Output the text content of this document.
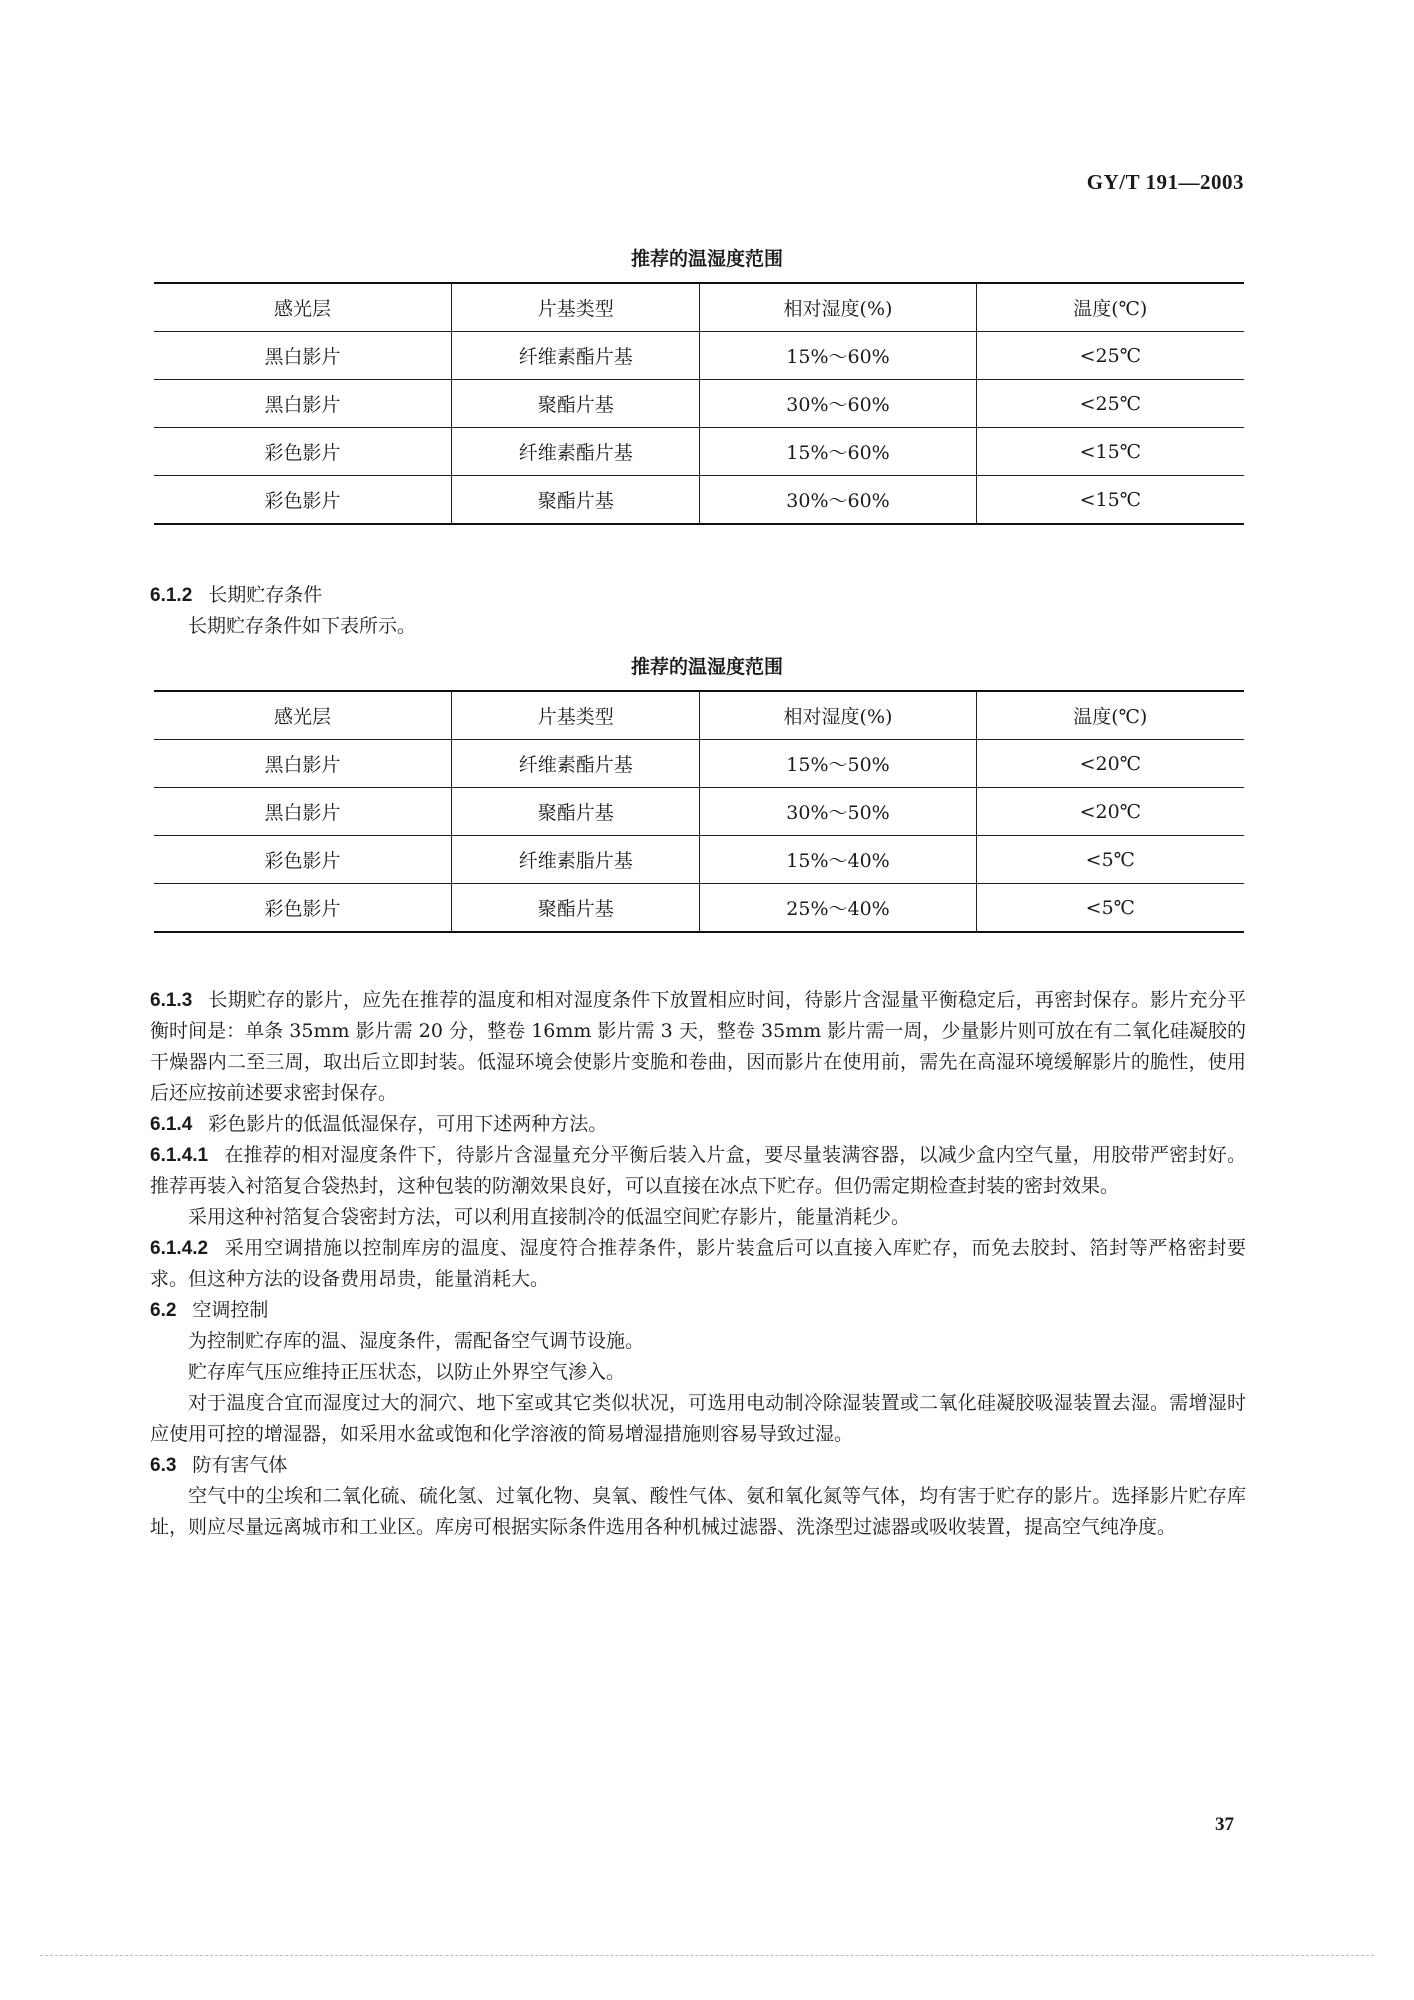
GY/T 191—2003
推荐的温湿度范围
感光层	片基类型	相对湿度(%)	温度(℃)
黑白影片	纤维素酯片基	15%～60%	<25℃
黑白影片	聚酯片基	30%～60%	<25℃
彩色影片	纤维素酯片基	15%～60%	<15℃
彩色影片	聚酯片基	30%～60%	<15℃

6.1.2 长期贮存条件

长期贮存条件如下表所示。

推荐的温湿度范围
感光层	片基类型	相对湿度(%)	温度(℃)
黑白影片	纤维素酯片基	15%～50%	<20℃
黑白影片	聚酯片基	30%～50%	<20℃
彩色影片	纤维素脂片基	15%～40%	<5℃
彩色影片	聚酯片基	25%～40%	<5℃

6.1.3 长期贮存的影片，应先在推荐的温度和相对湿度条件下放置相应时间，待影片含湿量平衡稳定后，再密封保存。影片充分平衡时间是：单条 35mm 影片需 20 分，整卷 16mm 影片需 3 天，整卷 35mm 影片需一周，少量影片则可放在有二氧化硅凝胶的干燥器内二至三周，取出后立即封装。低湿环境会使影片变脆和卷曲，因而影片在使用前，需先在高湿环境缓解影片的脆性，使用后还应按前述要求密封保存。

6.1.4 彩色影片的低温低湿保存，可用下述两种方法。

6.1.4.1 在推荐的相对湿度条件下，待影片含湿量充分平衡后装入片盒，要尽量装满容器，以减少盒内空气量，用胶带严密封好。推荐再装入衬箔复合袋热封，这种包装的防潮效果良好，可以直接在冰点下贮存。但仍需定期检查封装的密封效果。

采用这种衬箔复合袋密封方法，可以利用直接制冷的低温空间贮存影片，能量消耗少。

6.1.4.2 采用空调措施以控制库房的温度、湿度符合推荐条件，影片装盒后可以直接入库贮存，而免去胶封、箔封等严格密封要求。但这种方法的设备费用昂贵，能量消耗大。

6.2 空调控制

为控制贮存库的温、湿度条件，需配备空气调节设施。

贮存库气压应维持正压状态，以防止外界空气渗入。

对于温度合宜而湿度过大的洞穴、地下室或其它类似状况，可选用电动制冷除湿装置或二氧化硅凝胶吸湿装置去湿。需增湿时应使用可控的增湿器，如采用水盆或饱和化学溶液的简易增湿措施则容易导致过湿。

6.3 防有害气体

空气中的尘埃和二氧化硫、硫化氢、过氧化物、臭氧、酸性气体、氨和氧化氮等气体，均有害于贮存的影片。选择影片贮存库址，则应尽量远离城市和工业区。库房可根据实际条件选用各种机械过滤器、洗涤型过滤器或吸收装置，提高空气纯净度。

37
